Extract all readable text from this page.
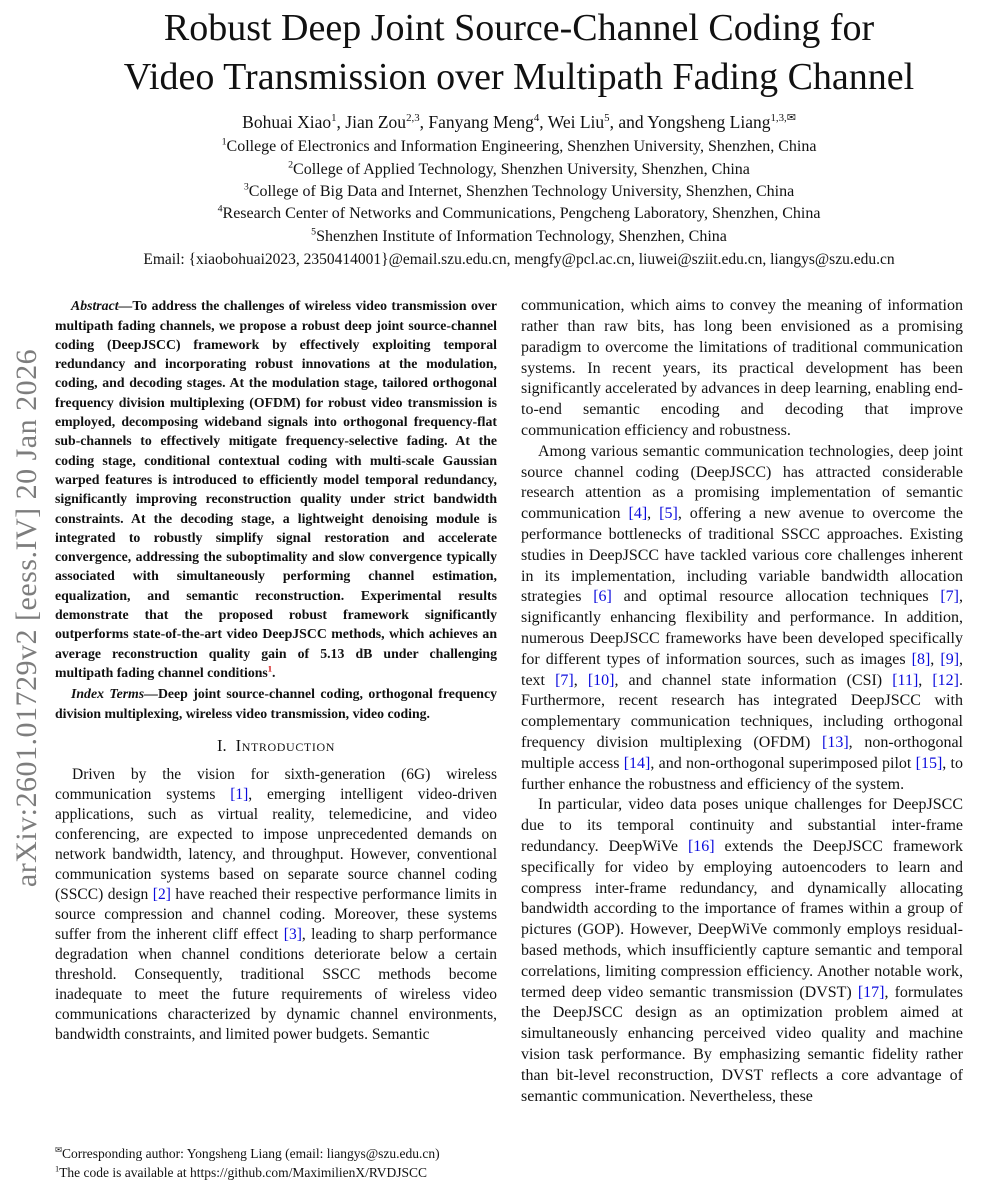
arXiv:2601.01729v2 [eess.IV] 20 Jan 2026
Robust Deep Joint Source-Channel Coding for
Video Transmission over Multipath Fading Channel
Bohuai Xiao$^1$, Jian Zou$^{2,3}$, Fanyang Meng$^4$, Wei Liu$^5$, and Yongsheng Liang$^{1,3,✉}$
$^1$College of Electronics and Information Engineering, Shenzhen University, Shenzhen, China
$^2$College of Applied Technology, Shenzhen University, Shenzhen, China
$^3$College of Big Data and Internet, Shenzhen Technology University, Shenzhen, China
$^4$Research Center of Networks and Communications, Pengcheng Laboratory, Shenzhen, China
$^5$Shenzhen Institute of Information Technology, Shenzhen, China
Email: {xiaobohuai2023, 2350414001}@email.szu.edu.cn, mengfy@pcl.ac.cn, liuwei@sziit.edu.cn, liangys@szu.edu.cn

Abstract—To address the challenges of wireless video transmission over multipath fading channels, we propose a robust deep joint source-channel coding (DeepJSCC) framework by effectively exploiting temporal redundancy and incorporating robust innovations at the modulation, coding, and decoding stages. At the modulation stage, tailored orthogonal frequency division multiplexing (OFDM) for robust video transmission is employed, decomposing wideband signals into orthogonal frequency-flat sub-channels to effectively mitigate frequency-selective fading. At the coding stage, conditional contextual coding with multi-scale Gaussian warped features is introduced to efficiently model temporal redundancy, significantly improving reconstruction quality under strict bandwidth constraints. At the decoding stage, a lightweight denoising module is integrated to robustly simplify signal restoration and accelerate convergence, addressing the suboptimality and slow convergence typically associated with simultaneously performing channel estimation, equalization, and semantic reconstruction. Experimental results demonstrate that the proposed robust framework significantly outperforms state-of-the-art video DeepJSCC methods, which achieves an average reconstruction quality gain of 5.13 dB under challenging multipath fading channel conditions$^1$.

Index Terms—Deep joint source-channel coding, orthogonal frequency division multiplexing, wireless video transmission, video coding.

I. Introduction

Driven by the vision for sixth-generation (6G) wireless communication systems [1], emerging intelligent video-driven applications, such as virtual reality, telemedicine, and video conferencing, are expected to impose unprecedented demands on network bandwidth, latency, and throughput. However, conventional communication systems based on separate source channel coding (SSCC) design [2] have reached their respective performance limits in source compression and channel coding. Moreover, these systems suffer from the inherent cliff effect [3], leading to sharp performance degradation when channel conditions deteriorate below a certain threshold. Consequently, traditional SSCC methods become inadequate to meet the future requirements of wireless video communications characterized by dynamic channel environments, bandwidth constraints, and limited power budgets. Semantic

✉Corresponding author: Yongsheng Liang (email: liangys@szu.edu.cn)

$^1$The code is available at https://github.com/MaximilienX/RVDJSCC

communication, which aims to convey the meaning of information rather than raw bits, has long been envisioned as a promising paradigm to overcome the limitations of traditional communication systems. In recent years, its practical development has been significantly accelerated by advances in deep learning, enabling end-to-end semantic encoding and decoding that improve communication efficiency and robustness.

Among various semantic communication technologies, deep joint source channel coding (DeepJSCC) has attracted considerable research attention as a promising implementation of semantic communication [4], [5], offering a new avenue to overcome the performance bottlenecks of traditional SSCC approaches. Existing studies in DeepJSCC have tackled various core challenges inherent in its implementation, including variable bandwidth allocation strategies [6] and optimal resource allocation techniques [7], significantly enhancing flexibility and performance. In addition, numerous DeepJSCC frameworks have been developed specifically for different types of information sources, such as images [8], [9], text [7], [10], and channel state information (CSI) [11], [12]. Furthermore, recent research has integrated DeepJSCC with complementary communication techniques, including orthogonal frequency division multiplexing (OFDM) [13], non-orthogonal multiple access [14], and non-orthogonal superimposed pilot [15], to further enhance the robustness and efficiency of the system.

In particular, video data poses unique challenges for DeepJSCC due to its temporal continuity and substantial inter-frame redundancy. DeepWiVe [16] extends the DeepJSCC framework specifically for video by employing autoencoders to learn and compress inter-frame redundancy, and dynamically allocating bandwidth according to the importance of frames within a group of pictures (GOP). However, DeepWiVe commonly employs residual-based methods, which insufficiently capture semantic and temporal correlations, limiting compression efficiency. Another notable work, termed deep video semantic transmission (DVST) [17], formulates the DeepJSCC design as an optimization problem aimed at simultaneously enhancing perceived video quality and machine vision task performance. By emphasizing semantic fidelity rather than bit-level reconstruction, DVST reflects a core advantage of semantic communication. Nevertheless, these
